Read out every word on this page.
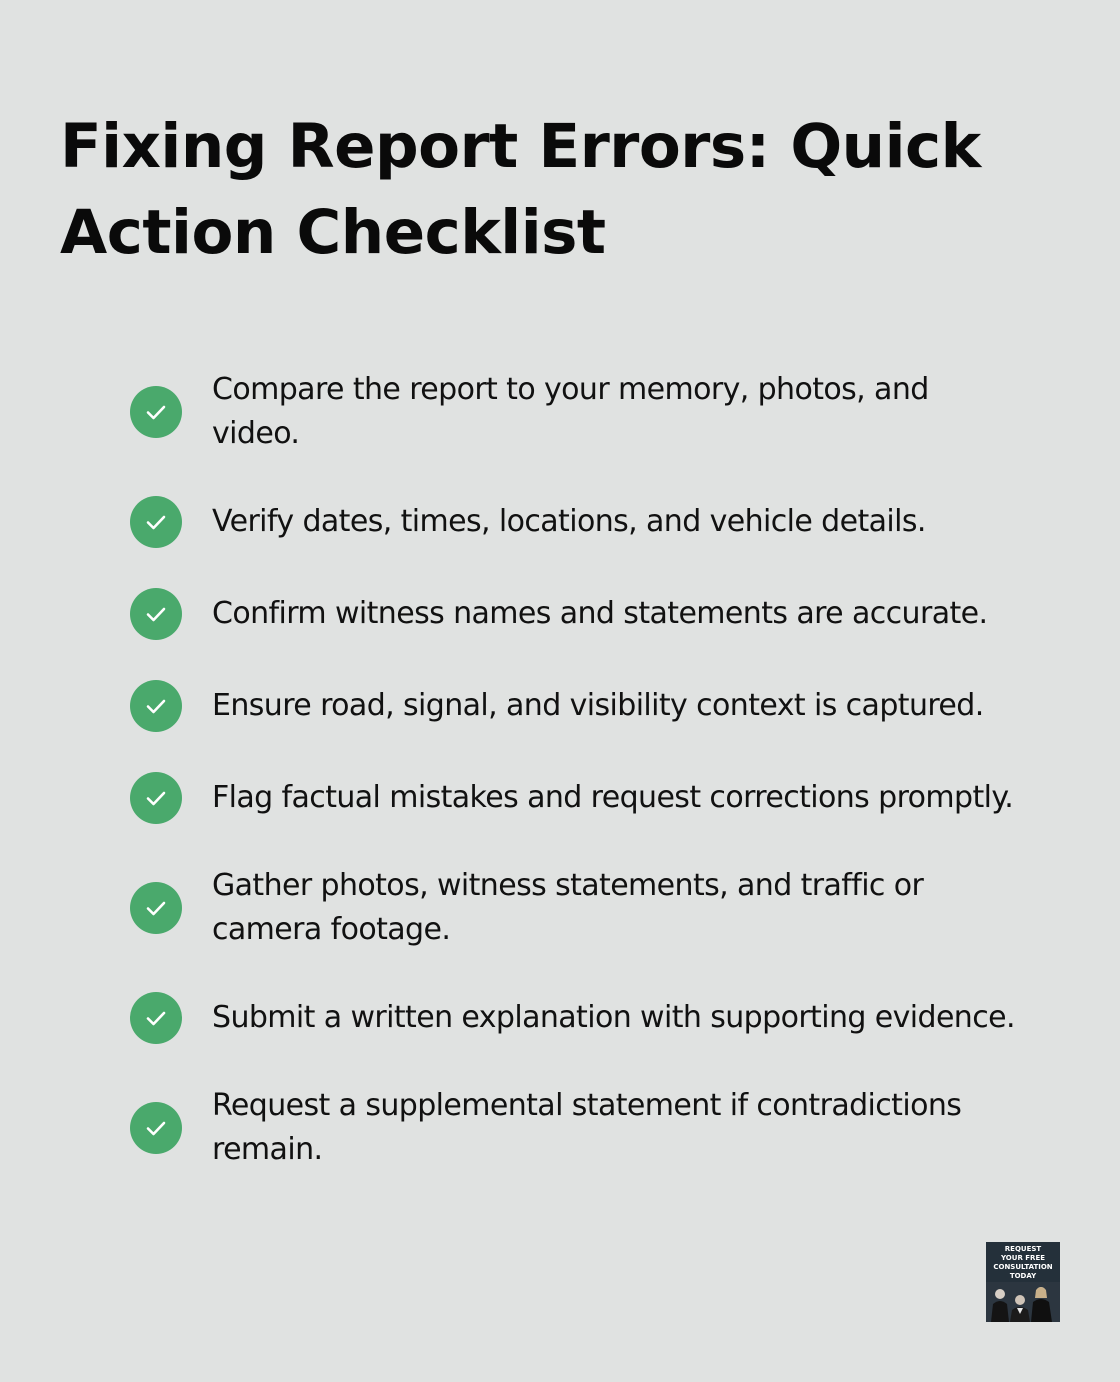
Fixing Report Errors: Quick Action Checklist

Compare the report to your memory, photos, and
video.

Verify dates, times, locations, and vehicle details.

Confirm witness names and statements are accurate.

Ensure road, signal, and visibility context is captured.

Flag factual mistakes and request corrections promptly.

Gather photos, witness statements, and traffic or
camera footage.

Submit a written explanation with supporting evidence.

Request a supplemental statement if contradictions
remain.

REQUEST
YOUR FREE
CONSULTATION
TODAY
